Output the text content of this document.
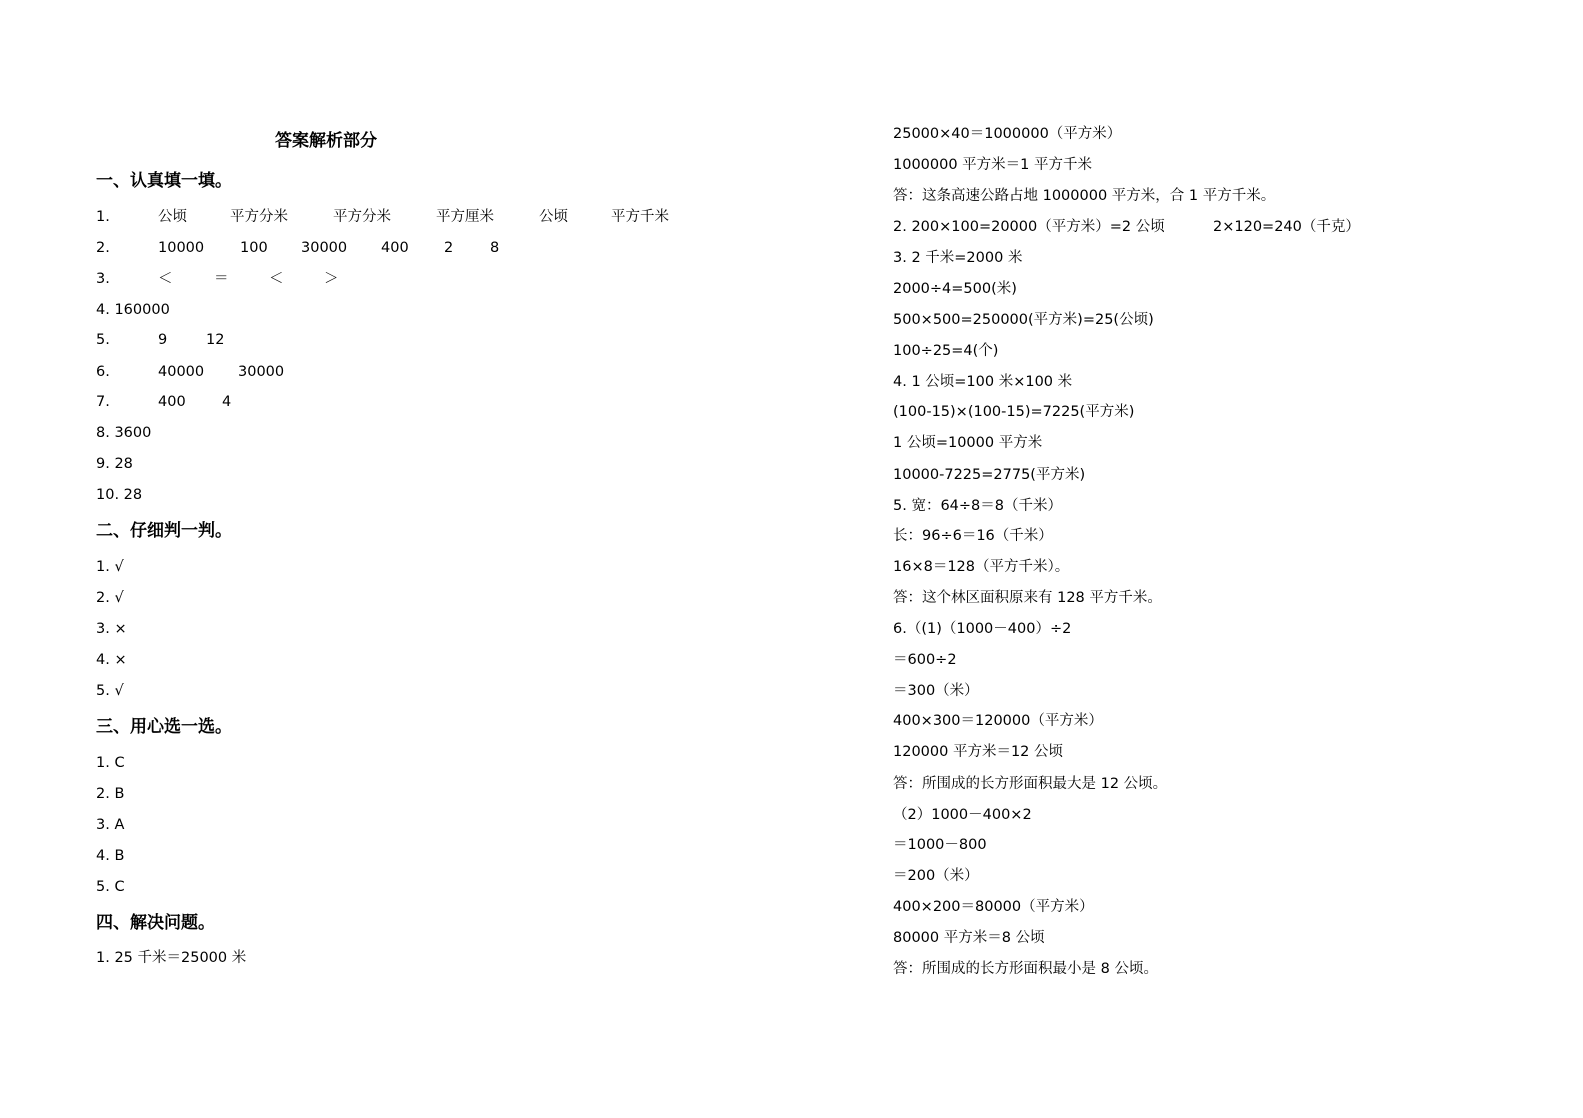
答案解析部分
一、认真填一填。
1.	公顷	平方分米	平方分米	平方厘米	公顷	平方千米
2.	10000 100 30000 400 2	8
3.	＜	＝	＜	＞
4. 160000
5.	9	12
6.	40000 30000
7.	400	4
8. 3600
9. 28
10. 28
二、仔细判一判。
1. √
2. √
3. ×
4. ×
5. √
三、用心选一选。
1. C
2. B
3. A
4. B
5. C
四、解决问题。
1. 25 千米＝25000 米
25000×40＝1000000（平方米）
1000000 平方米＝1 平方千米
答：这条高速公路占地 1000000 平方米，合 1 平方千米。
2. 200×100=20000（平方米）=2 公顷	2×120=240（千克）
3. 2 千米=2000 米
2000÷4=500(米)
500×500=250000(平方米)=25(公顷)
100÷25=4(个)
4. 1 公顷=100 米×100 米
(100-15)×(100-15)=7225(平方米)
1 公顷=10000 平方米
10000-7225=2775(平方米)
5. 宽：64÷8＝8（千米）
长：96÷6＝16（千米）
16×8＝128（平方千米）。
答：这个林区面积原来有 128 平方千米。
6.（(1)（1000－400）÷2
＝600÷2
＝300（米）
400×300＝120000（平方米）
120000 平方米＝12 公顷
答：所围成的长方形面积最大是 12 公顷。
（2）1000－400×2
＝1000－800
＝200（米）
400×200＝80000（平方米）
80000 平方米＝8 公顷
答：所围成的长方形面积最小是 8 公顷。
